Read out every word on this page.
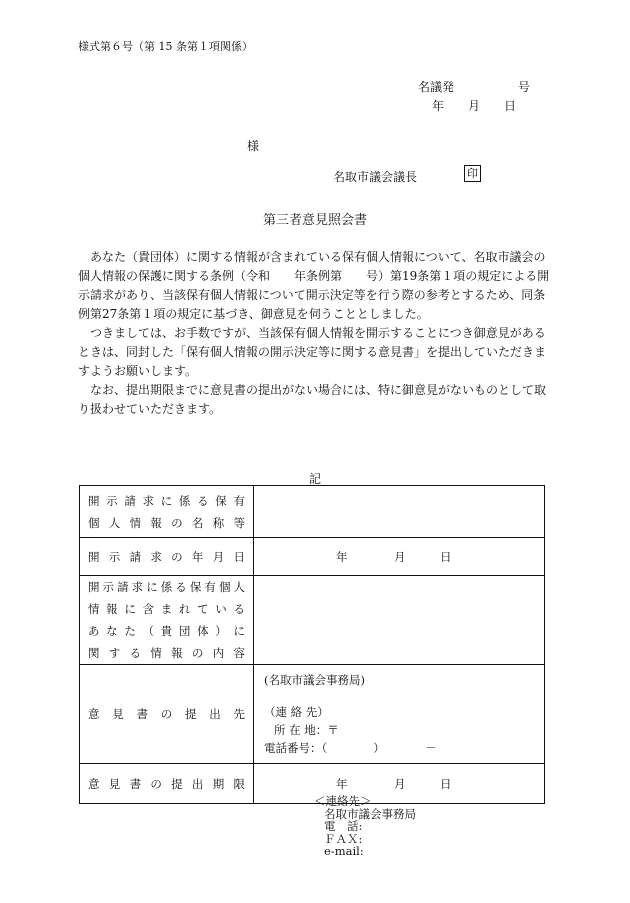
様式第６号（第 15 条第１項関係）
名議発 　　　　　号
年　　月　　日
様
名取市議会議長	印
第三者意見照会書

あなた（貴団体）に関する情報が含まれている保有個人情報について、名取市議会の個人情報の保護に関する条例（令和　　年条例第　　号）第19条第１項の規定による開示請求があり、当該保有個人情報について開示決定等を行う際の参考とするため、同条例第27条第１項の規定に基づき、御意見を伺うこととしました。

つきましては、お手数ですが、当該保有個人情報を開示することにつき御意見があるときは、同封した「保有個人情報の開示決定等に関する意見書」を提出していただきますようお願いします。

なお、提出期限までに意見書の提出がない場合には、特に御意見がないものとして取り扱わせていただきます。

記
開示請求に係る保有
個人情報の名称等	

開示請求の年月日	年 月 日

開示請求に係る保有個人
情報に含まれている
あなた（貴団体）に
関する情報の内容	

意見書の提出先	(名取市議会事務局)
（連 絡 先）
所 在 地：〒
電話番号：（　　　　）　　　　－

意見書の提出期限	年 月 日
＜連絡先＞
名取市議会事務局
電　話:
ＦＡＸ:
e-mail:
